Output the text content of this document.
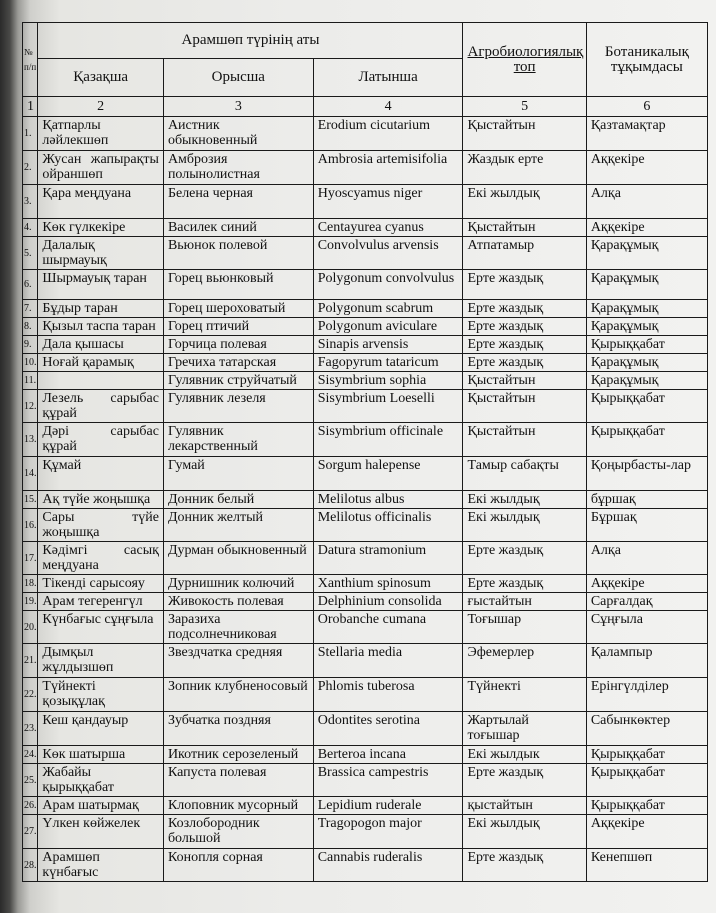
№ п/п	Арамшөп түрінің аты			Агробиологиялық топ	Ботаникалық тұқымдасы
	Қазақша	Орысша	Латынша		
1	2	3	4	5	6
1.	Қатпарлы ләйлекшөп	Аистник обыкновенный	Erodium cicutarium	Қыстайтын	Қазтамақтар
2.	Жусан жапырақты ойраншөп	Амброзия полынолистная	Ambrosia artemisifolia	Жаздык ерте	Аққекіре
3.	Қара меңдуана	Белена черная	Hyoscyamus niger	Екі жылдық	Алқа
4.	Көк гүлкекіре	Василек синий	Centayurea cyanus	Қыстайтын	Аққекіре
5.	Далалық шырмауық	Вьюнок полевой	Convolvulus arvensis	Атпатамыр	Қарақұмық
6.	Шырмауық таран	Горец вьюнковый	Polygonum convolvulus	Ерте жаздық	Қарақұмық
7.	Бұдыр таран	Горец шероховатый	Polygonum scabrum	Ерте жаздық	Қарақұмық
8.	Қызыл таспа таран	Горец птичий	Polygonum aviculare	Ерте жаздық	Қарақұмық
9.	Дала қышасы	Горчица полевая	Sinapis arvensis	Ерте жаздық	Қырыққабат
10.	Ноғай қарамық	Гречиха татарская	Fagopyrum tataricum	Ерте жаздық	Қарақұмық
11.		Гулявник струйчатый	Sisymbrium sophia	Қыстайтын	Қарақұмық
12.	Лезель сарыбас құрай	Гулявник лезеля	Sisymbrium Loeselli	Қыстайтын	Қырыққабат
13.	Дәрі сарыбас құрай	Гулявник лекарственный	Sisymbrium officinale	Қыстайтын	Қырыққабат
14.	Құмай	Гумай	Sorgum halepense	Тамыр сабақты	Қоңырбасты-лар
15.	Ақ түйе жоңышқа	Донник белый	Melilotus albus	Екі жылдық	бұршақ
16.	Сары түйе жоңышқа	Донник желтый	Melilotus officinalis	Екі жылдық	Бұршақ
17.	Кәдімгі сасық меңдуана	Дурман обыкновенный	Datura stramonium	Ерте жаздық	Алқа
18.	Тікенді сарысояу	Дурнишник колючий	Xanthium spinosum	Ерте жаздық	Аққекіре
19.	Арам тегеренгүл	Живокость полевая	Delphinium consolida	ғыстайтын	Сарғалдақ
20.	Күнбағыс сұңғыла	Заразиха подсолнечниковая	Orobanche cumana	Тоғышар	Сұңғыла
21.	Дымқыл жұлдызшөп	Звездчатка средняя	Stellaria media	Эфемерлер	Қалампыр
22.	Түйнекті қозықұлақ	Зопник клубненосовый	Phlomis tuberosa	Түйнекті	Ерінгүлділер
23.	Кеш қандауыр	Зубчатка поздняя	Odontites serotina	Жартылай тоғышар	Сабынкөктер
24.	Көк шатырша	Икотник серозеленый	Berteroa incana	Екі жылдык	Қырыққабат
25.	Жабайы қырыққабат	Капуста полевая	Brassica campestris	Ерте жаздық	Қырыққабат
26.	Арам шатырмақ	Клоповник мусорный	Lepidium ruderale	қыстайтын	Қырыққабат
27.	Үлкен көйжелек	Козлобородник большой	Tragopogon major	Екі жылдық	Аққекіре
28.	Арамшөп күнбағыс	Конопля сорная	Cannabis ruderalis	Ерте жаздық	Кенепшөп
